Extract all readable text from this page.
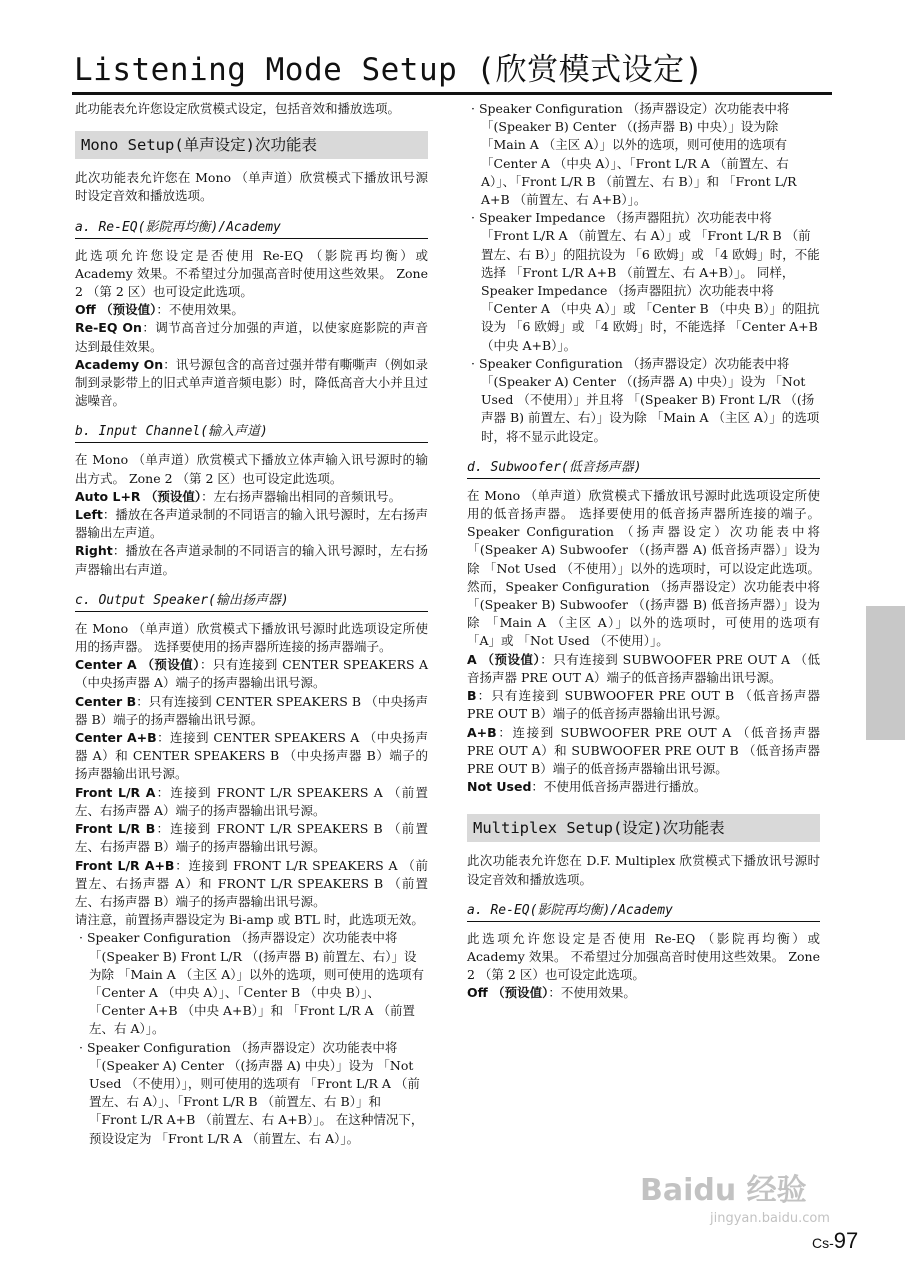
Listening Mode Setup (欣赏模式设定)

此功能表允许您设定欣赏模式设定，包括音效和播放选项。

Mono Setup(单声设定)次功能表

此次功能表允许您在 Mono （单声道）欣赏模式下播放讯号源时设定音效和播放选项。

a. Re-EQ(影院再均衡)/Academy

此选项允许您设定是否使用 Re-EQ （影院再均衡）或 Academy 效果。不希望过分加强高音时使用这些效果。 Zone 2 （第 2 区）也可设定此选项。

Off （预设值）：不使用效果。

Re-EQ On：调节高音过分加强的声道，以使家庭影院的声音达到最佳效果。

Academy On：讯号源包含的高音过强并带有嘶嘶声（例如录制到录影带上的旧式单声道音频电影）时，降低高音大小并且过滤噪音。

b. Input Channel(输入声道)

在 Mono （单声道）欣赏模式下播放立体声输入讯号源时的输出方式。 Zone 2 （第 2 区）也可设定此选项。

Auto L+R （预设值）：左右扬声器输出相同的音频讯号。

Left：播放在各声道录制的不同语言的输入讯号源时，左右扬声器输出左声道。

Right：播放在各声道录制的不同语言的输入讯号源时，左右扬声器输出右声道。

c. Output Speaker(输出扬声器)

在 Mono （单声道）欣赏模式下播放讯号源时此选项设定所使用的扬声器。 选择要使用的扬声器所连接的扬声器端子。

Center A （预设值）：只有连接到 CENTER SPEAKERS A （中央扬声器 A）端子的扬声器输出讯号源。

Center B：只有连接到 CENTER SPEAKERS B （中央扬声器 B）端子的扬声器输出讯号源。

Center A+B：连接到 CENTER SPEAKERS A （中央扬声器 A）和 CENTER SPEAKERS B （中央扬声器 B）端子的扬声器输出讯号源。

Front L/R A：连接到 FRONT L/R SPEAKERS A （前置左、右扬声器 A）端子的扬声器输出讯号源。

Front L/R B：连接到 FRONT L/R SPEAKERS B （前置左、右扬声器 B）端子的扬声器输出讯号源。

Front L/R A+B：连接到 FRONT L/R SPEAKERS A （前置左、右扬声器 A）和 FRONT L/R SPEAKERS B （前置左、右扬声器 B）端子的扬声器输出讯号源。

请注意，前置扬声器设定为 Bi-amp 或 BTL 时，此选项无效。

· Speaker Configuration （扬声器设定）次功能表中将 「(Speaker B) Front L/R （(扬声器 B) 前置左、右）」设为除 「Main A （主区 A）」以外的选项，则可使用的选项有 「Center A （中央 A）」、「Center B （中央 B）」、「Center A+B （中央 A+B）」和 「Front L/R A （前置左、右 A）」。

· Speaker Configuration （扬声器设定）次功能表中将 「(Speaker A) Center （(扬声器 A) 中央）」设为 「Not Used （不使用）」，则可使用的选项有 「Front L/R A （前置左、右 A）」、「Front L/R B （前置左、右 B）」和 「Front L/R A+B （前置左、右 A+B）」。 在这种情况下，预设设定为 「Front L/R A （前置左、右 A）」。

· Speaker Configuration （扬声器设定）次功能表中将 「(Speaker B) Center （(扬声器 B) 中央）」设为除 「Main A （主区 A）」以外的选项，则可使用的选项有 「Center A （中央 A）」、「Front L/R A （前置左、右 A）」、「Front L/R B （前置左、右 B）」和 「Front L/R A+B （前置左、右 A+B）」。

· Speaker Impedance （扬声器阻抗）次功能表中将 「Front L/R A （前置左、右 A）」或 「Front L/R B （前置左、右 B）」的阻抗设为 「6 欧姆」或 「4 欧姆」时，不能选择 「Front L/R A+B （前置左、右 A+B）」。 同样，Speaker Impedance （扬声器阻抗）次功能表中将 「Center A （中央 A）」或 「Center B （中央 B）」的阻抗设为 「6 欧姆」或 「4 欧姆」时，不能选择 「Center A+B （中央 A+B）」。

· Speaker Configuration （扬声器设定）次功能表中将 「(Speaker A) Center （(扬声器 A) 中央）」设为 「Not Used （不使用）」并且将 「(Speaker B) Front L/R （(扬声器 B) 前置左、右）」设为除 「Main A （主区 A）」的选项时，将不显示此设定。

d. Subwoofer(低音扬声器)

在 Mono （单声道）欣赏模式下播放讯号源时此选项设定所使用的低音扬声器。 选择要使用的低音扬声器所连接的端子。 Speaker Configuration （扬声器设定）次功能表中将 「(Speaker A) Subwoofer （(扬声器 A) 低音扬声器）」设为除 「Not Used （不使用）」以外的选项时，可以设定此选项。 然而，Speaker Configuration （扬声器设定）次功能表中将 「(Speaker B) Subwoofer （(扬声器 B) 低音扬声器）」设为除 「Main A （主区 A）」以外的选项时，可使用的选项有 「A」或 「Not Used （不使用）」。

A （预设值）：只有连接到 SUBWOOFER PRE OUT A （低音扬声器 PRE OUT A）端子的低音扬声器输出讯号源。

B：只有连接到 SUBWOOFER PRE OUT B （低音扬声器 PRE OUT B）端子的低音扬声器输出讯号源。

A+B：连接到 SUBWOOFER PRE OUT A （低音扬声器 PRE OUT A）和 SUBWOOFER PRE OUT B （低音扬声器 PRE OUT B）端子的低音扬声器输出讯号源。

Not Used：不使用低音扬声器进行播放。

Multiplex Setup(设定)次功能表

此次功能表允许您在 D.F. Multiplex 欣赏模式下播放讯号源时设定音效和播放选项。

a. Re-EQ(影院再均衡)/Academy

此选项允许您设定是否使用 Re-EQ （影院再均衡）或 Academy 效果。 不希望过分加强高音时使用这些效果。 Zone 2 （第 2 区）也可设定此选项。

Off （预设值）：不使用效果。

Baidu 经验
jingyan.baidu.com
Cs-97
